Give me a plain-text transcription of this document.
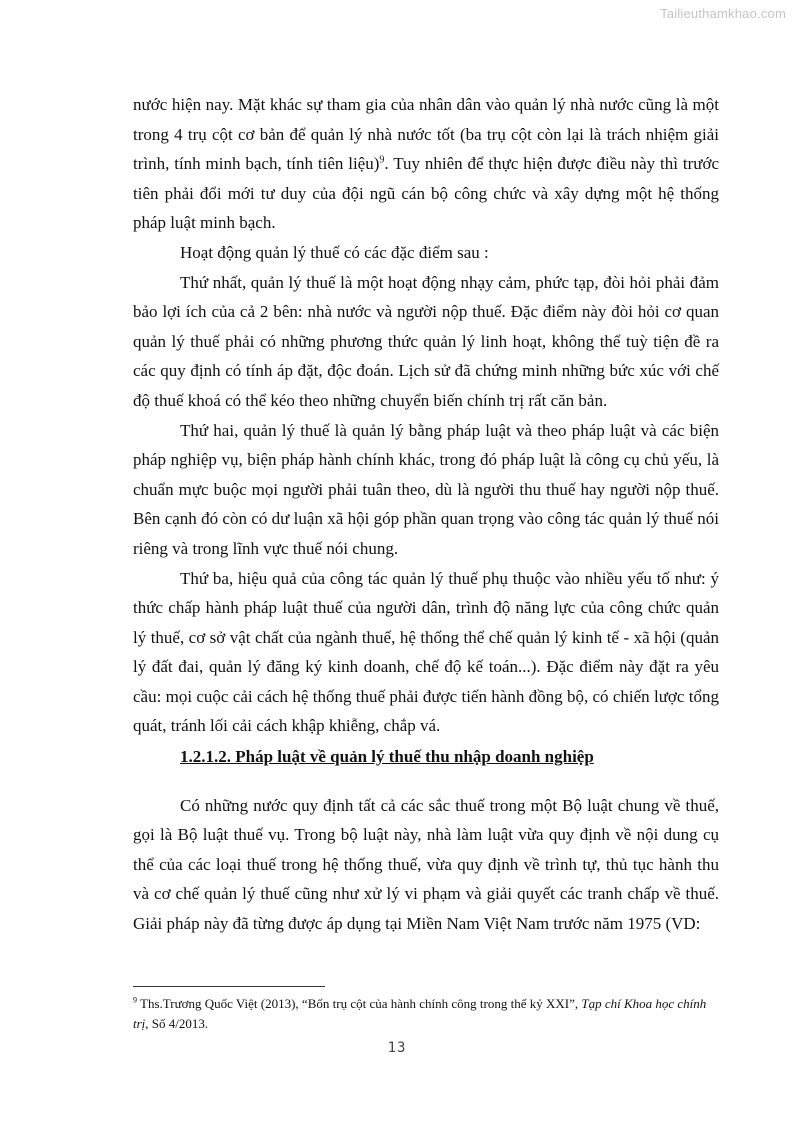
Tailieuthamkhao.com

nước hiện nay. Mặt khác sự tham gia của nhân dân vào quản lý nhà nước cũng là một trong 4 trụ cột cơ bản để quản lý nhà nước tốt (ba trụ cột còn lại là trách nhiệm giải trình, tính minh bạch, tính tiên liệu)$^9$. Tuy nhiên để thực hiện được điều này thì trước tiên phải đổi mới tư duy của đội ngũ cán bộ công chức và xây dựng một hệ thống pháp luật minh bạch.

Hoạt động quản lý thuế có các đặc điểm sau :

Thứ nhất, quản lý thuế là một hoạt động nhạy cảm, phức tạp, đòi hỏi phải đảm bảo lợi ích của cả 2 bên: nhà nước và người nộp thuế. Đặc điểm này đòi hỏi cơ quan quản lý thuế phải có những phương thức quản lý linh hoạt, không thể tuỳ tiện đề ra các quy định có tính áp đặt, độc đoán. Lịch sử đã chứng minh những bức xúc với chế độ thuế khoá có thể kéo theo những chuyển biến chính trị rất căn bản.

Thứ hai, quản lý thuế là quản lý bằng pháp luật và theo pháp luật và các biện pháp nghiệp vụ, biện pháp hành chính khác, trong đó pháp luật là công cụ chủ yếu, là chuẩn mực buộc mọi người phải tuân theo, dù là người thu thuế hay người nộp thuế. Bên cạnh đó còn có dư luận xã hội góp phần quan trọng vào công tác quản lý thuế nói riêng và trong lĩnh vực thuế nói chung.

Thứ ba, hiệu quả của công tác quản lý thuế phụ thuộc vào nhiều yếu tố như: ý thức chấp hành pháp luật thuế của người dân, trình độ năng lực của công chức quản lý thuế, cơ sở vật chất của ngành thuế, hệ thống thể chế quản lý kinh tế - xã hội (quản lý đất đai, quản lý đăng ký kinh doanh, chế độ kế toán...). Đặc điểm này đặt ra yêu cầu: mọi cuộc cải cách hệ thống thuế phải được tiến hành đồng bộ, có chiến lược tổng quát, tránh lối cải cách khập khiễng, chắp vá.

1.2.1.2. Pháp luật về quản lý thuế thu nhập doanh nghiệp

Có những nước quy định tất cả các sắc thuế trong một Bộ luật chung về thuế, gọi là Bộ luật thuế vụ. Trong bộ luật này, nhà làm luật vừa quy định về nội dung cụ thể của các loại thuế trong hệ thống thuế, vừa quy định về trình tự, thủ tục hành thu và cơ chế quản lý thuế cũng như xử lý vi phạm và giải quyết các tranh chấp về thuế. Giải pháp này đã từng được áp dụng tại Miền Nam Việt Nam trước năm 1975 (VD:

$^9$ Ths.Trương Quốc Việt (2013), “Bốn trụ cột của hành chính công trong thế kỷ XXI”, Tạp chí Khoa học chính trị, Số 4/2013.

13
